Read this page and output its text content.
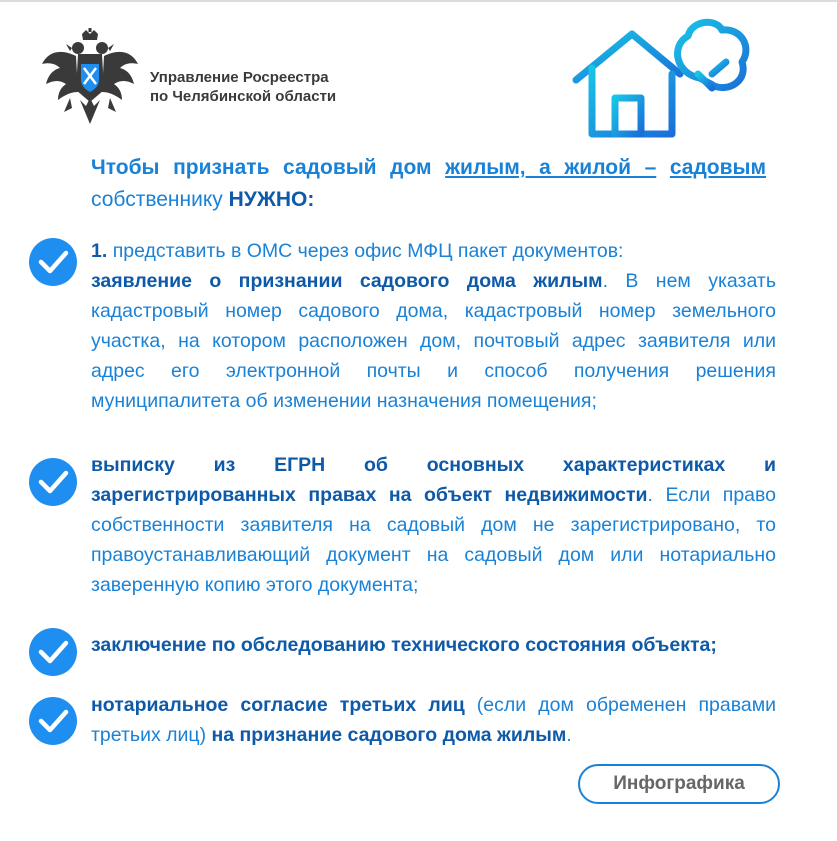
Управление Росреестра
по Челябинской области
Чтобы признать садовый дом жилым, а жилой – садовым собственнику НУЖНО:
1. представить в ОМС через офис МФЦ пакет документов:
заявление о признании садового дома жилым. В нем указать кадастровый номер садового дома, кадастровый номер земельного участка, на котором расположен дом, почтовый адрес заявителя или адрес его электронной почты и способ получения решения муниципалитета об изменении назначения помещения;
выписку из ЕГРН об основных характеристиках и зарегистрированных правах на объект недвижимости. Если право собственности заявителя на садовый дом не зарегистрировано, то правоустанавливающий документ на садовый дом или нотариально заверенную копию этого документа;
заключение по обследованию технического состояния объекта;
нотариальное согласие третьих лиц (если дом обременен правами третьих лиц) на признание садового дома жилым.
Инфографика
